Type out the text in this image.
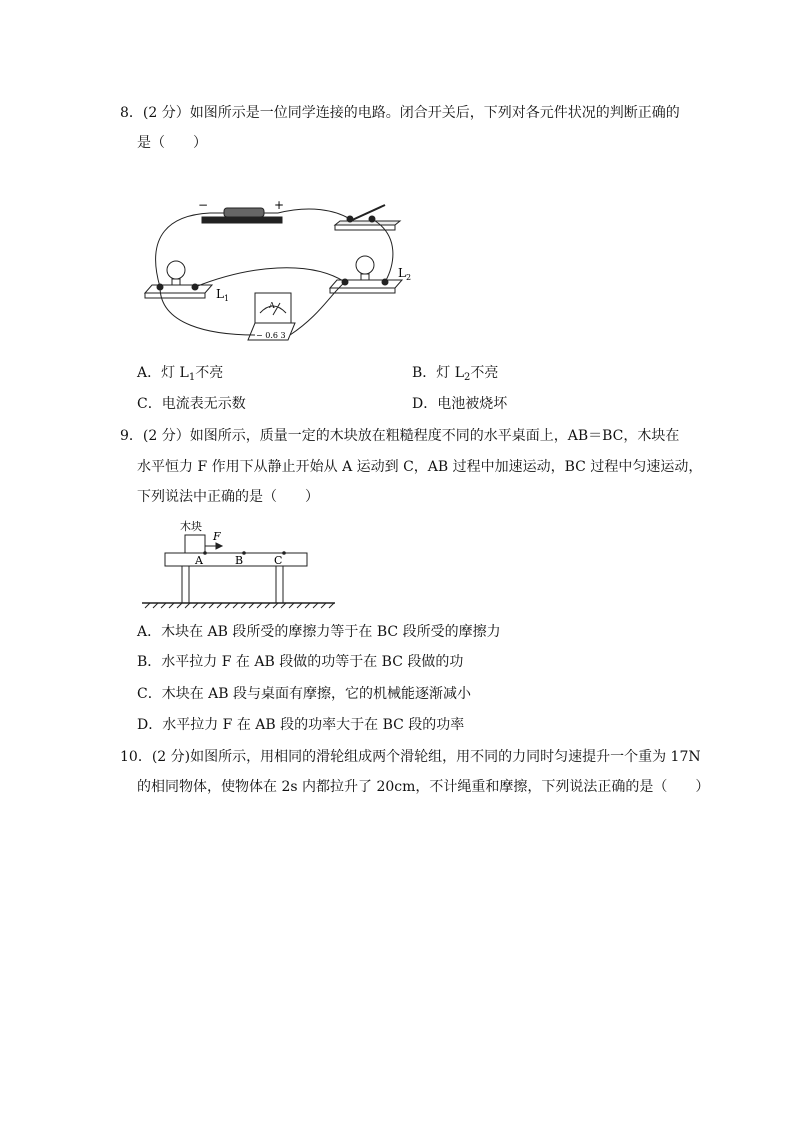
8．(2 分）如图所示是一位同学连接的电路。闭合开关后，下列对各元件状况的判断正确的
是（　　）
−	+
$L_1$
$L_2$
A
− 0.6 3
A．灯 $L_1$不亮	B．灯 $L_2$不亮
C．电流表无示数	D．电池被烧坏
9．(2 分）如图所示，质量一定的木块放在粗糙程度不同的水平桌面上，AB＝BC，木块在
水平恒力 F 作用下从静止开始从 A 运动到 C，AB 过程中加速运动，BC 过程中匀速运动，
下列说法中正确的是（　　）
木块
F
A	B	C
A．木块在 AB 段所受的摩擦力等于在 BC 段所受的摩擦力
B．水平拉力 F 在 AB 段做的功等于在 BC 段做的功
C．木块在 AB 段与桌面有摩擦，它的机械能逐渐减小
D．水平拉力 F 在 AB 段的功率大于在 BC 段的功率
10．(2 分)如图所示，用相同的滑轮组成两个滑轮组，用不同的力同时匀速提升一个重为 17N
的相同物体，使物体在 2s 内都拉升了 20cm，不计绳重和摩擦，下列说法正确的是（　　）
